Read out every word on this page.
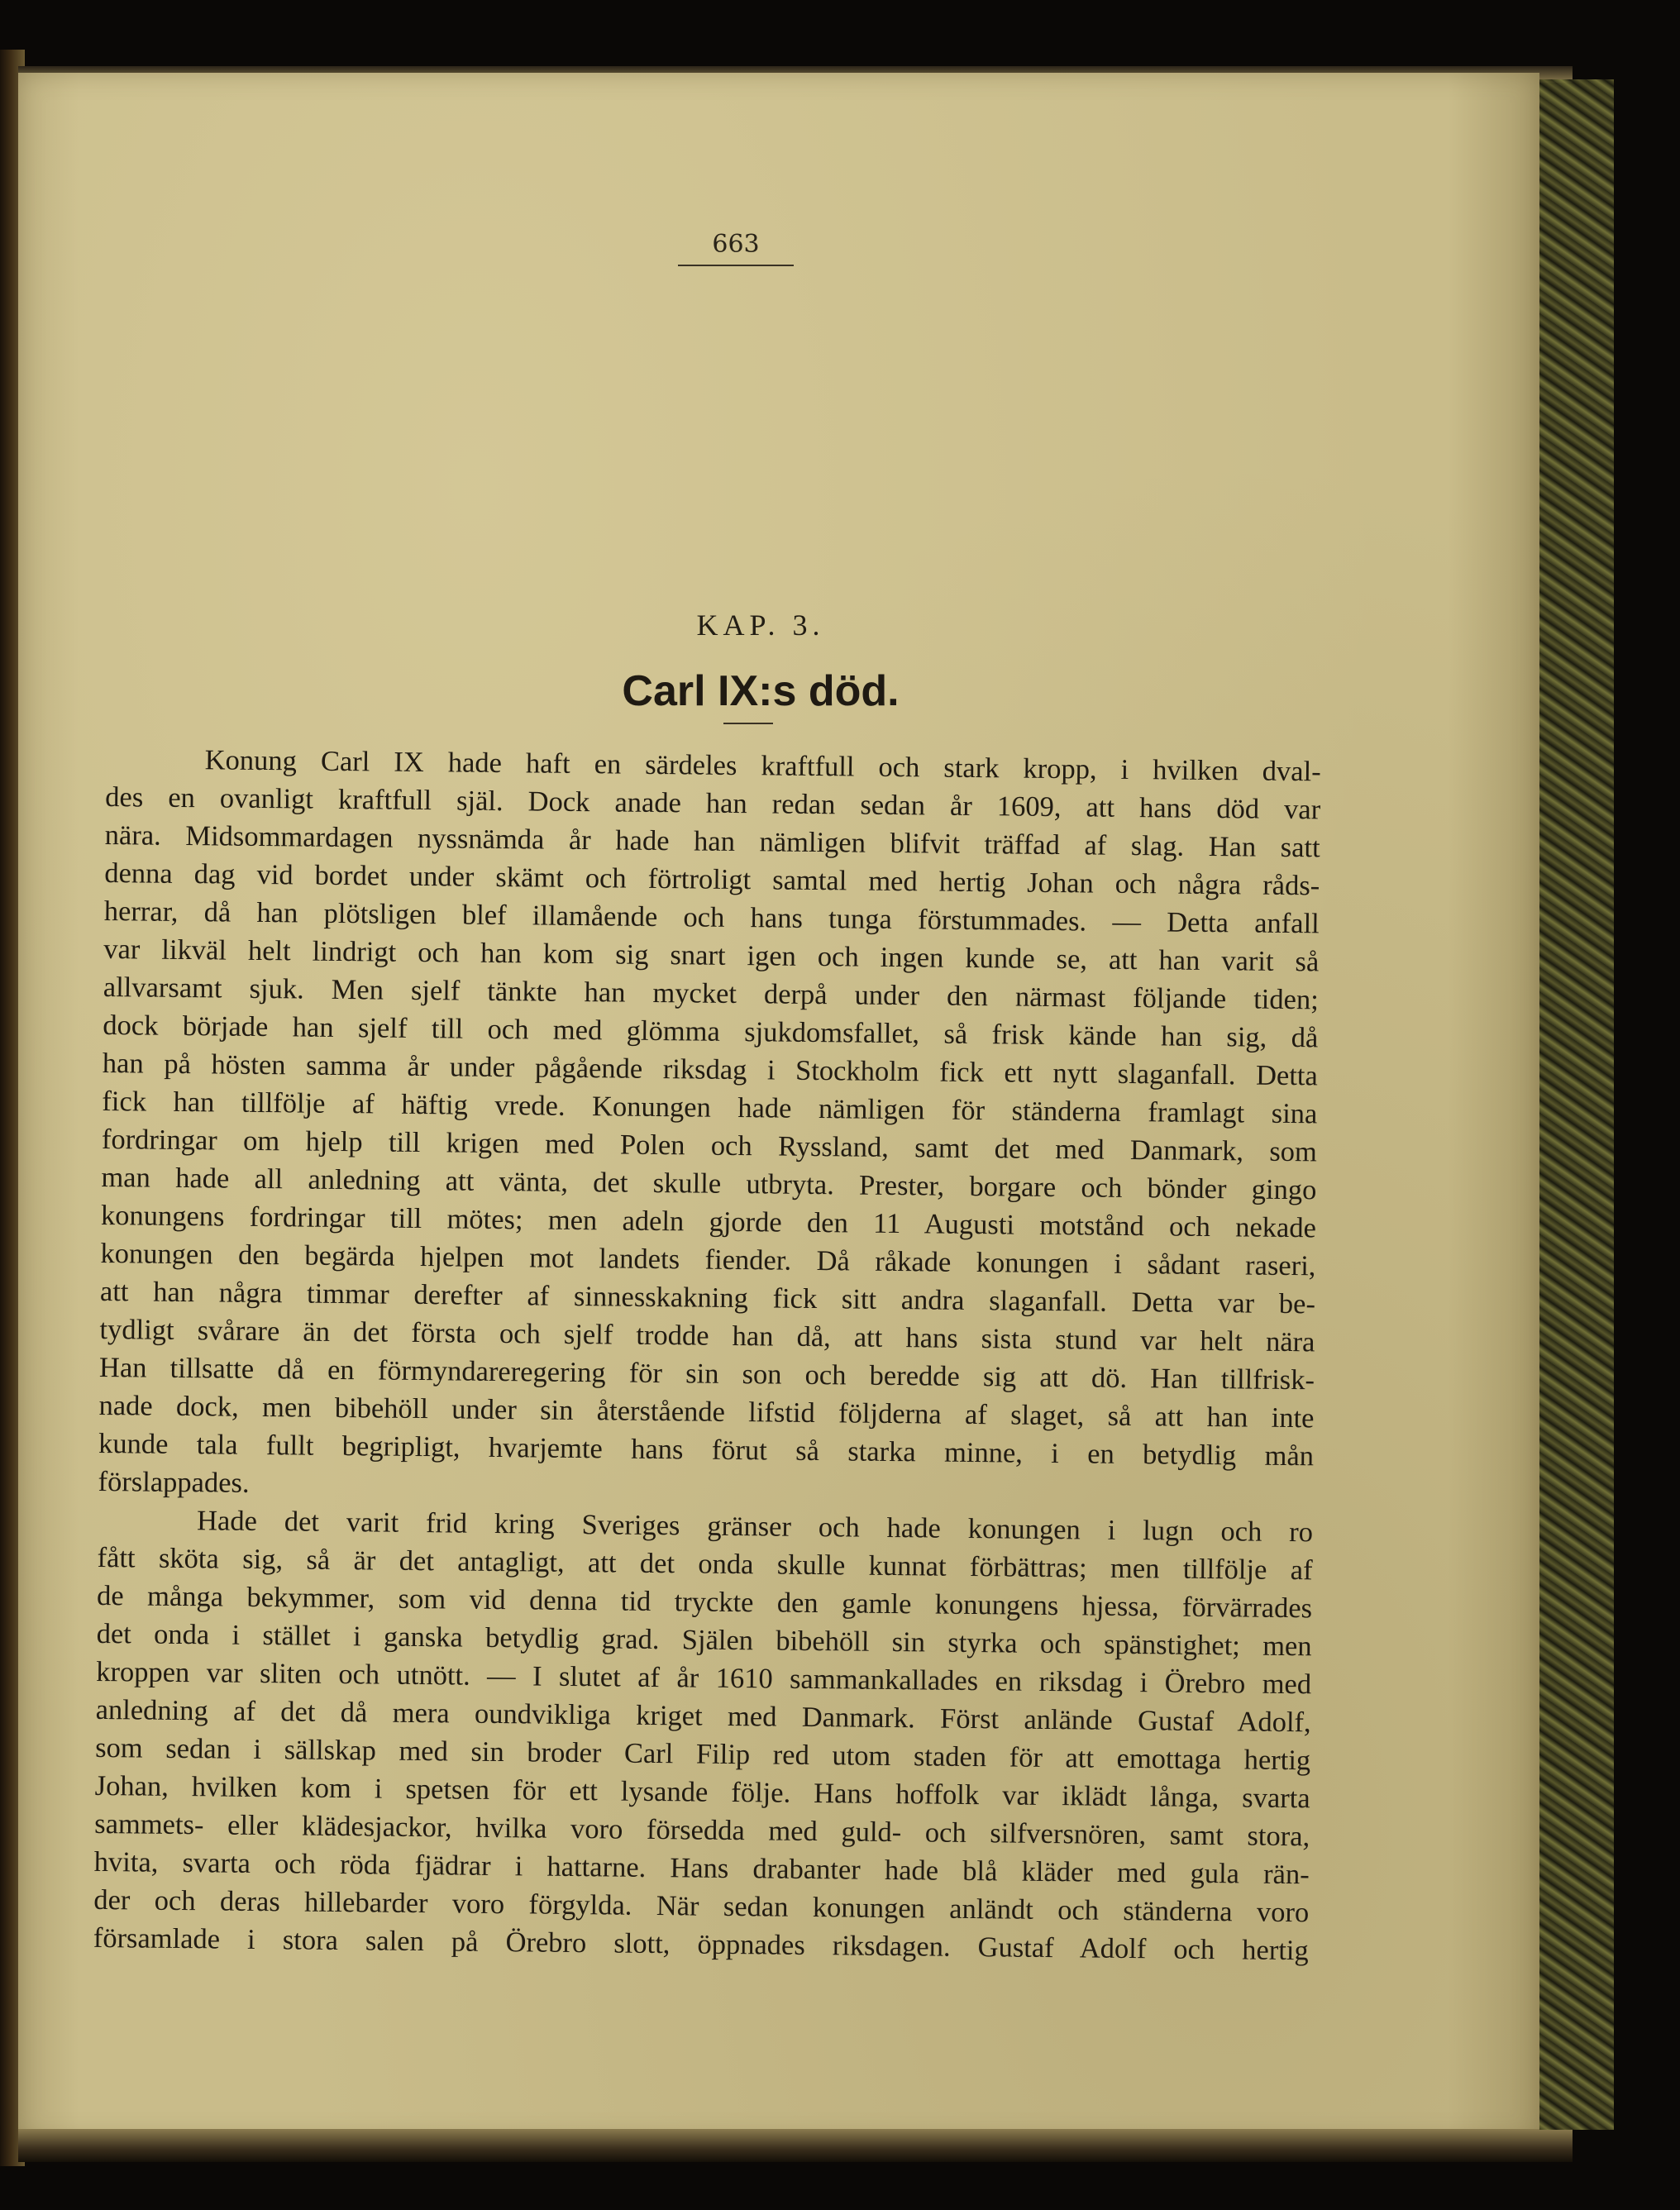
663
KAP. 3.
Carl IX:s död.
Konung Carl IX hade haft en särdeles kraftfull och stark kropp, i hvilken dval-
des en ovanligt kraftfull själ. Dock anade han redan sedan år 1609, att hans död var
nära. Midsommardagen nyssnämda år hade han nämligen blifvit träffad af slag. Han satt
denna dag vid bordet under skämt och förtroligt samtal med hertig Johan och några råds-
herrar, då han plötsligen blef illamående och hans tunga förstummades. — Detta anfall
var likväl helt lindrigt och han kom sig snart igen och ingen kunde se, att han varit så
allvarsamt sjuk. Men sjelf tänkte han mycket derpå under den närmast följande tiden;
dock började han sjelf till och med glömma sjukdomsfallet, så frisk kände han sig, då
han på hösten samma år under pågående riksdag i Stockholm fick ett nytt slaganfall. Detta
fick han tillfölje af häftig vrede. Konungen hade nämligen för ständerna framlagt sina
fordringar om hjelp till krigen med Polen och Ryssland, samt det med Danmark, som
man hade all anledning att vänta, det skulle utbryta. Prester, borgare och bönder gingo
konungens fordringar till mötes; men adeln gjorde den 11 Augusti motstånd och nekade
konungen den begärda hjelpen mot landets fiender. Då råkade konungen i sådant raseri,
att han några timmar derefter af sinnesskakning fick sitt andra slaganfall. Detta var be-
tydligt svårare än det första och sjelf trodde han då, att hans sista stund var helt nära
Han tillsatte då en förmyndareregering för sin son och beredde sig att dö. Han tillfrisk-
nade dock, men bibehöll under sin återstående lifstid följderna af slaget, så att han inte
kunde tala fullt begripligt, hvarjemte hans förut så starka minne, i en betydlig mån
förslappades.
Hade det varit frid kring Sveriges gränser och hade konungen i lugn och ro
fått sköta sig, så är det antagligt, att det onda skulle kunnat förbättras; men tillfölje af
de många bekymmer, som vid denna tid tryckte den gamle konungens hjessa, förvärrades
det onda i stället i ganska betydlig grad. Själen bibehöll sin styrka och spänstighet; men
kroppen var sliten och utnött. — I slutet af år 1610 sammankallades en riksdag i Örebro med
anledning af det då mera oundvikliga kriget med Danmark. Först anlände Gustaf Adolf,
som sedan i sällskap med sin broder Carl Filip red utom staden för att emottaga hertig
Johan, hvilken kom i spetsen för ett lysande följe. Hans hoffolk var iklädt långa, svarta
sammets- eller klädesjackor, hvilka voro försedda med guld- och silfversnören, samt stora,
hvita, svarta och röda fjädrar i hattarne. Hans drabanter hade blå kläder med gula rän-
der och deras hillebarder voro förgylda. När sedan konungen anländt och ständerna voro
församlade i stora salen på Örebro slott, öppnades riksdagen. Gustaf Adolf och hertig
